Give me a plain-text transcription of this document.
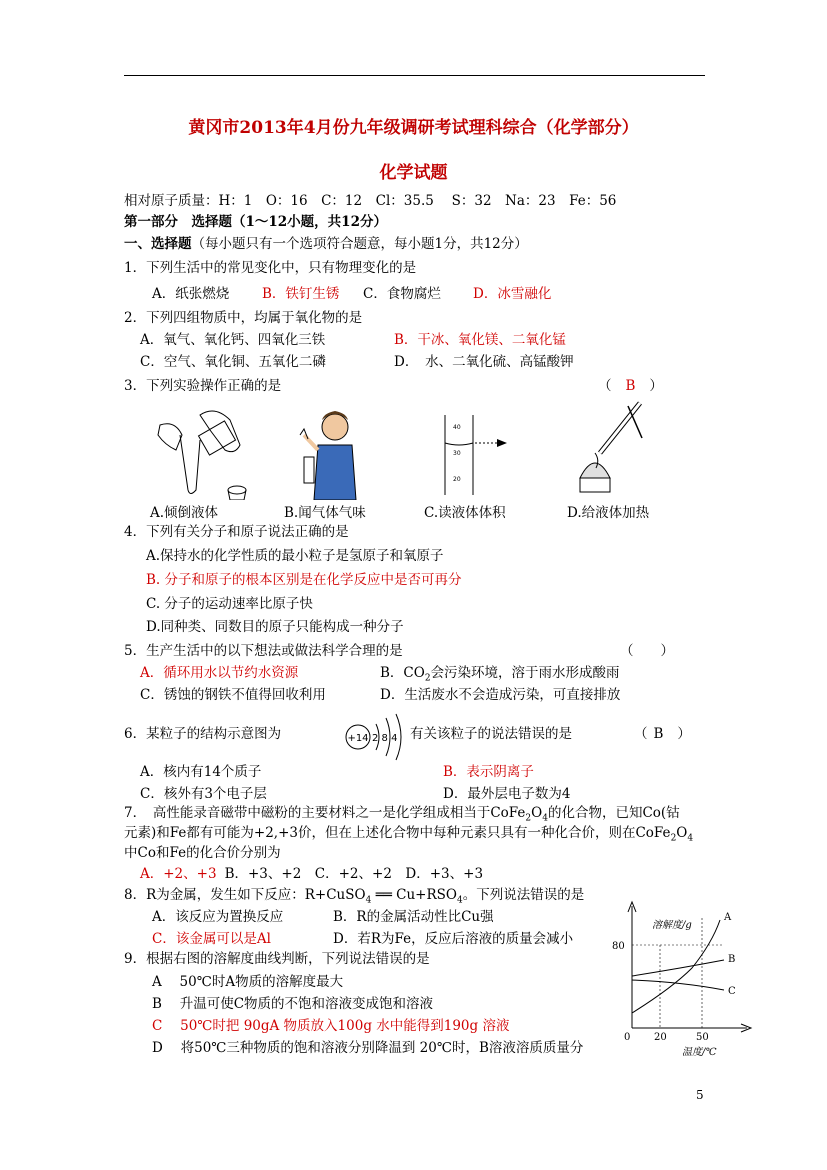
黄冈市2013年4月份九年级调研考试理科综合（化学部分）
化学试题
相对原子质量：H：1　O：16　C：12　Cl：35.5　 S：32　Na：23　Fe：56
第一部分　选择题（1～12小题，共12分）
一、选择题（每小题只有一个选项符合题意，每小题1分，共12分）
1．下列生活中的常见变化中，只有物理变化的是
A．纸张燃烧 B．铁钉生锈 C．食物腐烂 D．冰雪融化
2．下列四组物质中，均属于氧化物的是
A．氧气、氧化钙、四氧化三铁	B．干冰、氧化镁、二氧化锰
C．空气、氧化铜、五氧化二磷	D．　水、二氧化硫、高锰酸钾
3．下列实验操作正确的是	（ B ）
40
30
20
A.倾倒液体	B.闻气体气味	C.读液体体积	D.给液体加热
4．下列有关分子和原子说法正确的是
A.保持水的化学性质的最小粒子是氢原子和氧原子
B. 分子和原子的根本区别是在化学反应中是否可再分
C. 分子的运动速率比原子快
D.同种类、同数目的原子只能构成一种分子
5．生产生活中的以下想法或做法科学合理的是	（　　）
A．循环用水以节约水资源	B．$CO_2$会污染环境，溶于雨水形成酸雨
C．锈蚀的钢铁不值得回收利用	D．生活废水不会造成污染，可直接排放
6．某粒子的结构示意图为	+14 2 8 4 有关该粒子的说法错误的是	（ B ）
A．核内有14个质子	B．表示阴离子
C．核外有3个电子层	D．最外层电子数为4
7．　高性能录音磁带中磁粉的主要材料之一是化学组成相当于$CoFe_2O_4$的化合物，已知Co(钴
元素)和Fe都有可能为+2,+3价，但在上述化合物中每种元素只具有一种化合价，则在$CoFe_2O_4$
中Co和Fe的化合价分别为
A．+2、+3 B．+3、+2　C．+2、+2　D．+3、+3
8．R为金属，发生如下反应：R+CuSO$_4$ ══ $Cu+RSO_4$。下列说法错误的是
A．该反应为置换反应	B．R的金属活动性比Cu强
C．该金属可以是Al	D．若R为Fe，反应后溶液的质量会减小
9．根据右图的溶解度曲线判断，下列说法错误的是
A　 50℃时A物质的溶解度最大
B　 升温可使C物质的不饱和溶液变成饱和溶液
C　 50℃时把 90gA 物质放入100g 水中能得到190g 溶液
D　 将50℃三种物质的饱和溶液分别降温到 20℃时，B溶液溶质质量分
溶解度/g
80
A
B
C
0 20	50
温度/℃
5
